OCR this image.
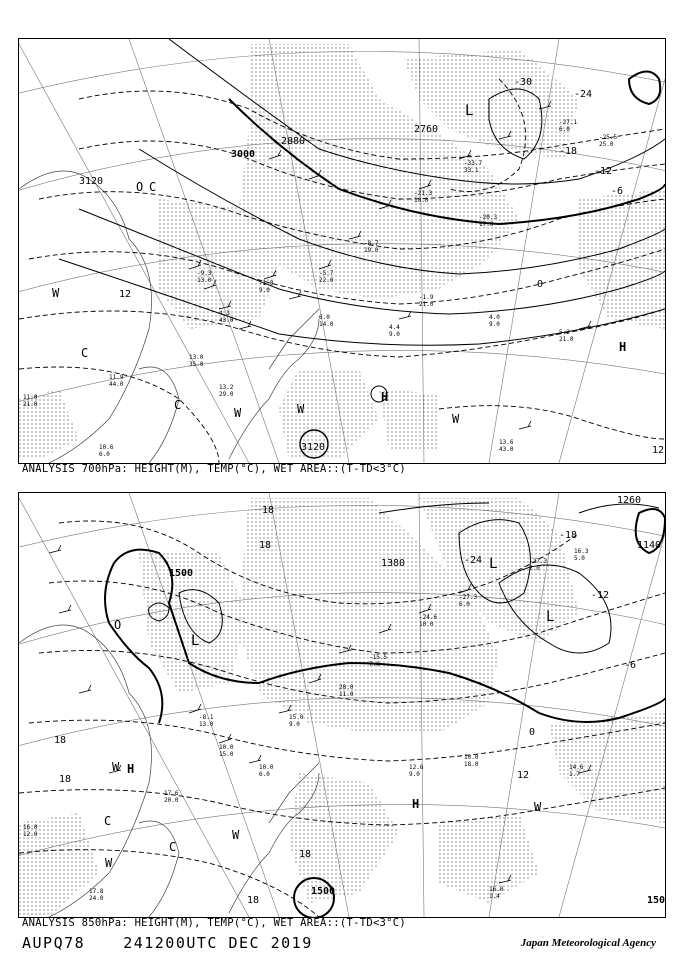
-9.3
13.0
4.3
43.0
-1.0
9.0
-5.7
22.0
-8.7
19.0
-21.3
10.0
-33.7
33.1
-20.3
17.0
-1.9
21.0
5.2
21.0
4.0
9.0
4.4
9.0
6.0
14.0
13.0
35.0
11.9
44.0
11.0
21.0
13.6
43.0
10.6
6.0
13.2
29.0
-25.5
25.0
-27.1
6.0
3120
3000
2880
2760
3120
-30
-24
-18
-12
-6
0
12
12
L
H
H
C
C
C
W
W	W
W
O
ANALYSIS 700hPa: HEIGHT(M), TEMP(°C), WET AREA::(T-TD<3°C)
-8.1
13.0
10.0
15.0
10.0
6.0
15.0
9.0
28.0
11.0
-15.5
7.0
-24.6
10.0
-27.3
6.0
10.0
18.0
12.6
9.0
14.6
1.7
17.6
20.0
16.0
12.0
17.8
24.0
16.0
1.4
16.3
5.0
-27.3
2.0
1500
1380
1260
1140
1500
150
-24
-18
-12
-6
0
12
18
18
18
18
18
18
L
L
L
H
H
W
W
W
W
C
C
O
ANALYSIS 850hPa: HEIGHT(M), TEMP(°C), WET AREA::(T-TD<3°C)
AUPQ78	241200UTC DEC 2019	Japan Meteorological Agency
